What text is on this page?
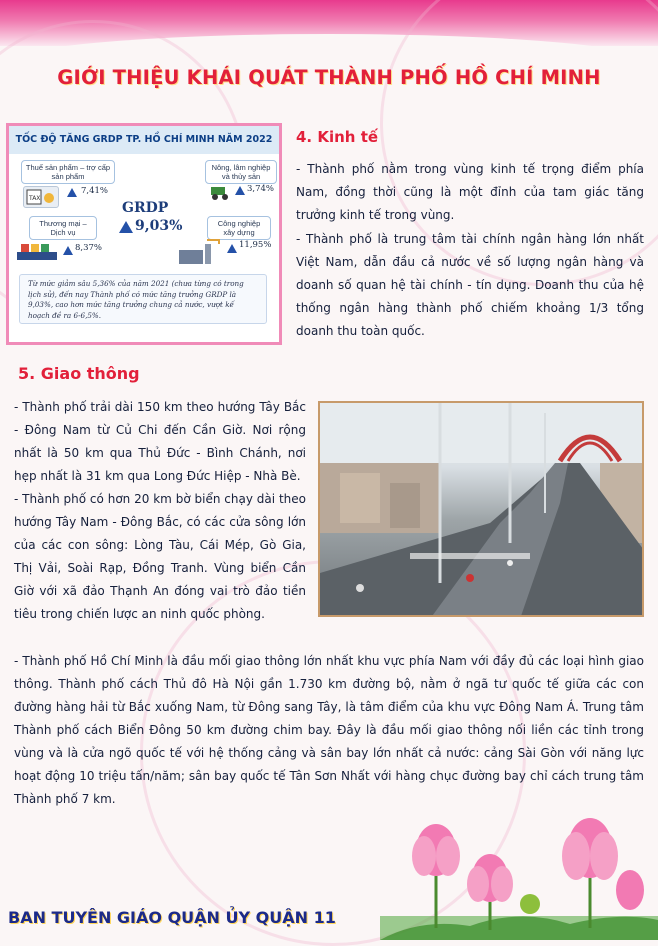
GIỚI THIỆU KHÁI QUÁT THÀNH PHỐ HỒ CHÍ MINH
TỐC ĐỘ TĂNG GRDP TP. HỒ CHÍ MINH NĂM 2022
Thuế sản phẩm – trợ cấp sản phẩm
TAX
7,41%
Nông, lâm nghiệp và thủy sản
3,74%
GRDP
9,03%
Thương mại – Dịch vụ
8,37%
Công nghiệp xây dựng
11,95%
Từ mức giảm sâu 5,36% của năm 2021 (chưa từng có trong lịch sử), đến nay Thành phố có mức tăng trưởng GRDP là 9,03%, cao hơn mức tăng trưởng chung cả nước, vượt kế hoạch đề ra 6-6,5%.
4. Kinh tế

- Thành phố nằm trong vùng kinh tế trọng điểm phía Nam, đồng thời cũng là một đỉnh của tam giác tăng trưởng kinh tế trong vùng.

- Thành phố là trung tâm tài chính ngân hàng lớn nhất Việt Nam, dẫn đầu cả nước về số lượng ngân hàng và doanh số quan hệ tài chính - tín dụng. Doanh thu của hệ thống ngân hàng thành phố chiếm khoảng 1/3 tổng doanh thu toàn quốc.

5. Giao thông

- Thành phố trải dài 150 km theo hướng Tây Bắc - Đông Nam từ Củ Chi đến Cần Giờ. Nơi rộng nhất là 50 km qua Thủ Đức - Bình Chánh, nơi hẹp nhất là 31 km qua Long Đức Hiệp - Nhà Bè.

- Thành phố có hơn 20 km bờ biển chạy dài theo hướng Tây Nam - Đông Bắc, có các cửa sông lớn của các con sông: Lòng Tàu, Cái Mép, Gò Gia, Thị Vải, Soài Rạp, Đồng Tranh. Vùng biển Cần Giờ với xã đảo Thạnh An đóng vai trò đảo tiền tiêu trong chiến lược an ninh quốc phòng.

- Thành phố Hồ Chí Minh là đầu mối giao thông lớn nhất khu vực phía Nam với đầy đủ các loại hình giao thông. Thành phố cách Thủ đô Hà Nội gần 1.730 km đường bộ, nằm ở ngã tư quốc tế giữa các con đường hàng hải từ Bắc xuống Nam, từ Đông sang Tây, là tâm điểm của khu vực Đông Nam Á. Trung tâm Thành phố cách Biển Đông 50 km đường chim bay. Đây là đầu mối giao thông nối liền các tỉnh trong vùng và là cửa ngõ quốc tế với hệ thống cảng và sân bay lớn nhất cả nước: cảng Sài Gòn với năng lực hoạt động 10 triệu tấn/năm; sân bay quốc tế Tân Sơn Nhất với hàng chục đường bay chỉ cách trung tâm Thành phố 7 km.

BAN TUYÊN GIÁO QUẬN ỦY QUẬN 11
